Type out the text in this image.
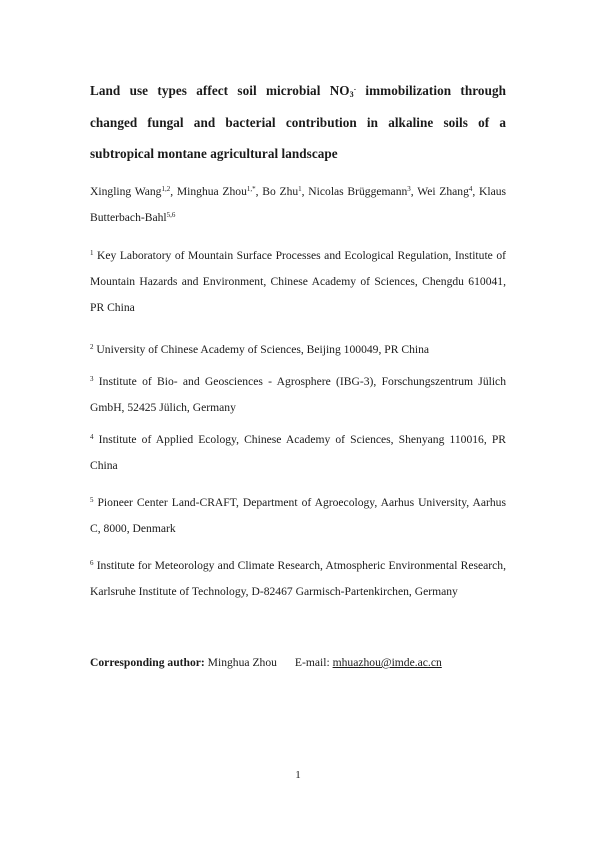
Land use types affect soil microbial $NO_3^-$ immobilization through changed fungal and bacterial contribution in alkaline soils of a subtropical montane agricultural landscape
Xingling Wang$^{1,2}$, Minghua Zhou$^{1,*}$, Bo Zhu$^1$, Nicolas Brüggemann$^3$, Wei Zhang$^4$, Klaus Butterbach-Bahl$^{5,6}$
$^1$ Key Laboratory of Mountain Surface Processes and Ecological Regulation, Institute of Mountain Hazards and Environment, Chinese Academy of Sciences, Chengdu 610041, PR China
$^2$ University of Chinese Academy of Sciences, Beijing 100049, PR China
$^3$ Institute of Bio- and Geosciences - Agrosphere (IBG-3), Forschungszentrum Jülich GmbH, 52425 Jülich, Germany
$^4$ Institute of Applied Ecology, Chinese Academy of Sciences, Shenyang 110016, PR China
$^5$ Pioneer Center Land-CRAFT, Department of Agroecology, Aarhus University, Aarhus C, 8000, Denmark
$^6$ Institute for Meteorology and Climate Research, Atmospheric Environmental Research, Karlsruhe Institute of Technology, D-82467 Garmisch-Partenkirchen, Germany
Corresponding author: Minghua Zhou E-mail: mhuazhou@imde.ac.cn
1
